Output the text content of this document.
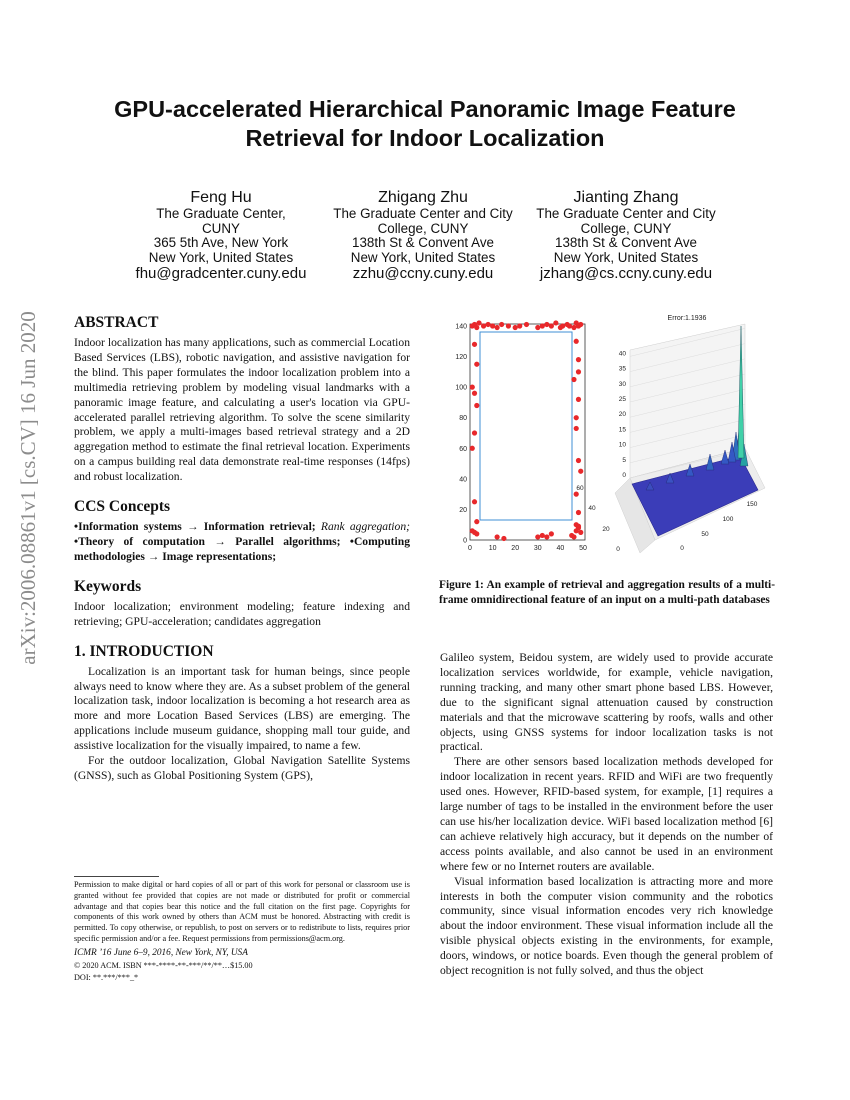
GPU-accelerated Hierarchical Panoramic Image Feature
Retrieval for Indoor Localization
Feng Hu
The Graduate Center,
CUNY
365 5th Ave, New York
New York, United States
fhu@gradcenter.cuny.edu
Zhigang Zhu
The Graduate Center and City
College, CUNY
138th St & Convent Ave
New York, United States
zzhu@ccny.cuny.edu
Jianting Zhang
The Graduate Center and City
College, CUNY
138th St & Convent Ave
New York, United States
jzhang@cs.ccny.cuny.edu
arXiv:2006.08861v1 [cs.CV] 16 Jun 2020	ABSTRACT

Indoor localization has many applications, such as commercial Location Based Services (LBS), robotic navigation, and assistive navigation for the blind. This paper formulates the indoor localization problem into a multimedia retrieving problem by modeling visual landmarks with a panoramic image feature, and calculating a user's location via GPU-accelerated parallel retrieving algorithm. To solve the scene similarity problem, we apply a multi-images based retrieval strategy and a 2D aggregation method to estimate the final retrieval location. Experiments on a campus building real data demonstrate real-time responses (14fps) and robust localization.

CCS Concepts

•Information systems → Information retrieval; Rank aggregation; •Theory of computation → Parallel algorithms; •Computing methodologies → Image representations;

Keywords

Indoor localization; environment modeling; feature indexing and retrieving; GPU-acceleration; candidates aggregation

1. INTRODUCTION

Localization is an important task for human beings, since people always need to know where they are. As a subset problem of the general localization task, indoor localization is becoming a hot research area as more and more Location Based Services (LBS) are emerging. The applications include museum guidance, shopping mall tour guide, and assistive localization for the visually impaired, to name a few.

For the outdoor localization, Global Navigation Satellite Systems (GNSS), such as Global Positioning System (GPS),

Permission to make digital or hard copies of all or part of this work for personal or classroom use is granted without fee provided that copies are not made or distributed for profit or commercial advantage and that copies bear this notice and the full citation on the first page. Copyrights for components of this work owned by others than ACM must be honored. Abstracting with credit is permitted. To copy otherwise, or republish, to post on servers or to redistribute to lists, requires prior specific permission and/or a fee. Request permissions from permissions@acm.org.

ICMR ’16 June 6–9, 2016, New York, NY, USA

© 2020 ACM. ISBN ***-****-**-***/**/**…$15.00

DOI: **.***/***_*

0
20
40
60
80
100
120
140
0 10 20 30 40 50
Error:1.1936
0
5
10
15
20
25
30
35
40
0
20
40
60
0
50
100
150
Figure 1: An example of retrieval and aggregation results of a multi-frame omnidirectional feature of an input on a multi-path databases

Galileo system, Beidou system, are widely used to provide accurate localization services worldwide, for example, vehicle navigation, running tracking, and many other smart phone based LBS. However, due to the significant signal attenuation caused by construction materials and that the microwave scattering by roofs, walls and other objects, using GNSS systems for indoor localization tasks is not practical.

There are other sensors based localization methods developed for indoor localization in recent years. RFID and WiFi are two frequently used ones. However, RFID-based system, for example, [1] requires a large number of tags to be installed in the environment before the user can use his/her localization device. WiFi based localization method [6] can achieve relatively high accuracy, but it depends on the number of access points available, and also cannot be used in an environment where few or no Internet routers are available.

Visual information based localization is attracting more and more interests in both the computer vision community and the robotics community, since visual information encodes very rich knowledge about the indoor environment. These visual information include all the visible physical objects existing in the environments, for example, doors, windows, or notice boards. Even though the general problem of object recognition is not fully solved, and thus the object
